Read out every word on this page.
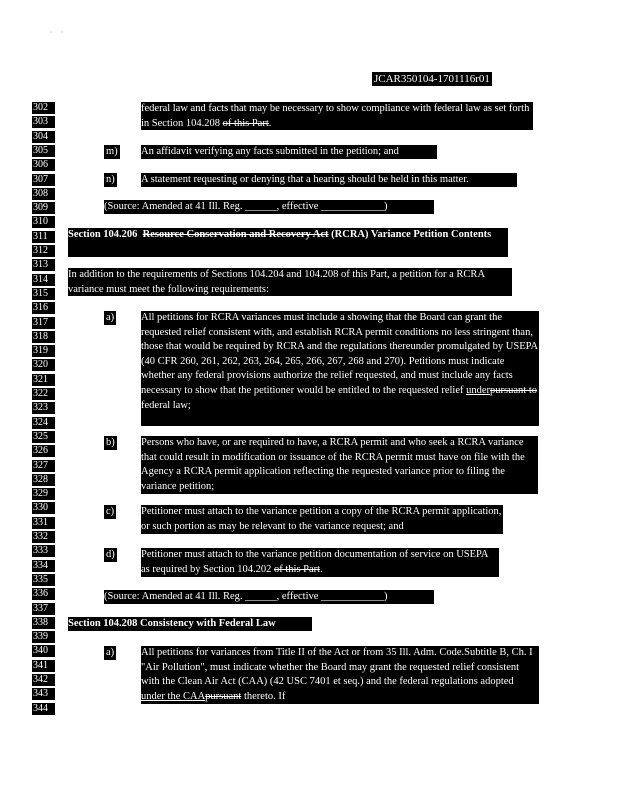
·    ·
JCAR350104-1701116r01
302
303
304
305
306
307
308
309
310
311
312
313
314
315
316
317
318
319
320
321
322
323
324
325
326
327
328
329
330
331
332
333
334
335
336
337
338
339
340
341
342
343
344
federal law and facts that may be necessary to show compliance with federal law as set forth in Section 104.208 of this Part.
m) An affidavit verifying any facts submitted in the petition; and
n)	A statement requesting or denying that a hearing should be held in this matter.
(Source: Amended at 41 Ill. Reg. ______, effective ____________)
Section 104.206 Resource Conservation and Recovery Act (RCRA) Variance Petition Contents
In addition to the requirements of Sections 104.204 and 104.208 of this Part, a petition for a RCRA variance must meet the following requirements:
a)	All petitions for RCRA variances must include a showing that the Board can grant the requested relief consistent with, and establish RCRA permit conditions no less stringent than, those that would be required by RCRA and the regulations thereunder promulgated by USEPA (40 CFR 260, 261, 262, 263, 264, 265, 266, 267, 268 and 270). Petitions must indicate whether any federal provisions authorize the relief requested, and must include any facts necessary to show that the petitioner would be entitled to the requested relief underpursuant to federal law;
b)	Persons who have, or are required to have, a RCRA permit and who seek a RCRA variance that could result in modification or issuance of the RCRA permit must have on file with the Agency a RCRA permit application reflecting the requested variance prior to filing the variance petition;
c)	Petitioner must attach to the variance petition a copy of the RCRA permit application, or such portion as may be relevant to the variance request; and
d)	Petitioner must attach to the variance petition documentation of service on USEPA as required by Section 104.202 of this Part.
(Source: Amended at 41 Ill. Reg. ______, effective ____________)
Section 104.208 Consistency with Federal Law
a)	All petitions for variances from Title II of the Act or from 35 Ill. Adm. Code.Subtitle B, Ch. I "Air Pollution", must indicate whether the Board may grant the requested relief consistent with the Clean Air Act (CAA) (42 USC 7401 et seq.) and the federal regulations adopted under the CAApursuant thereto. If
